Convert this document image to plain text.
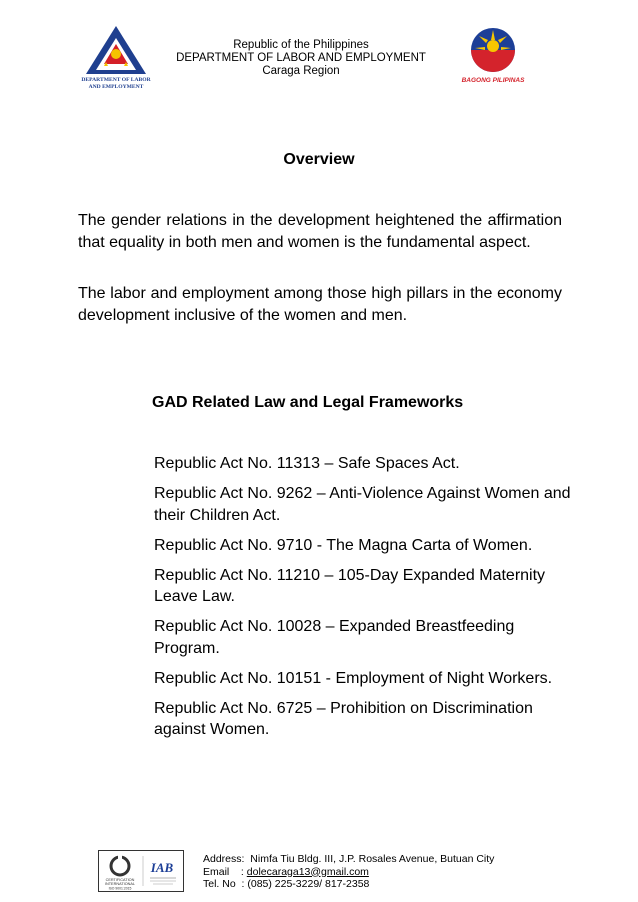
DEPARTMENT OF LABOR
AND EMPLOYMENT
Republic of the Philippines
DEPARTMENT OF LABOR AND EMPLOYMENT
Caraga Region
BAGONG PILIPINAS
Overview

The gender relations in the development heightened the affirmation that equality in both men and women is the fundamental aspect.

The labor and employment among those high pillars in the economy development inclusive of the women and men.

GAD Related Law and Legal Frameworks
Republic Act No. 11313 – Safe Spaces Act.
Republic Act No. 9262 – Anti-Violence Against Women and their Children Act.
Republic Act No. 9710 - The Magna Carta of Women.
Republic Act No. 11210 – 105-Day Expanded Maternity Leave Law.
Republic Act No. 10028 – Expanded Breastfeeding Program.
Republic Act No. 10151 - Employment of Night Workers.
Republic Act No. 6725 – Prohibition on Discrimination against Women.
CERTIFICATION
INTERNATIONAL
ISO 9001:2015
IAB
Address: Nimfa Tiu Bldg. III, J.P. Rosales Avenue, Butuan City
Email    : dolecaraga13@gmail.com
Tel. No  : (085) 225-3229/ 817-2358
